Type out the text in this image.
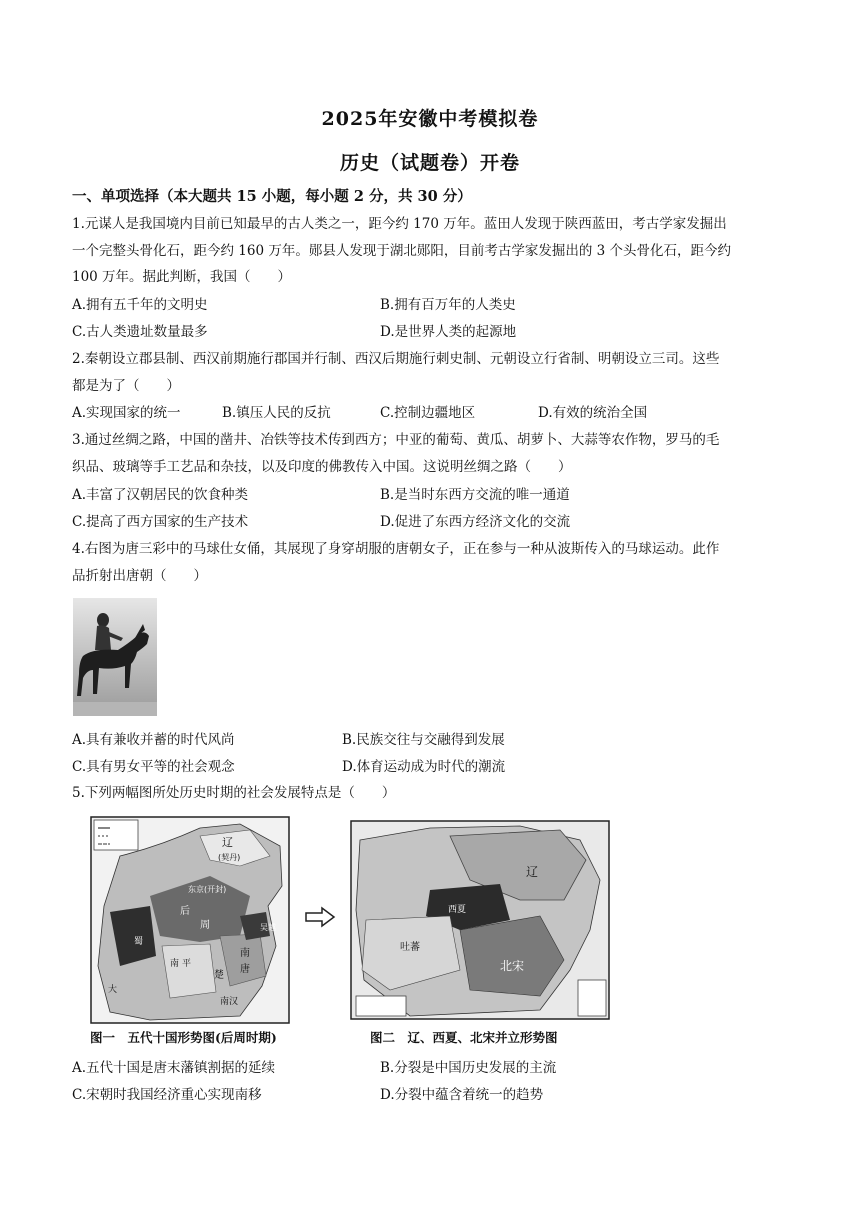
2025年安徽中考模拟卷
历史（试题卷）开卷
一、单项选择（本大题共 15 小题，每小题 2 分，共 30 分）
1.元谋人是我国境内目前已知最早的古人类之一，距今约 170 万年。蓝田人发现于陕西蓝田，考古学家发掘出
一个完整头骨化石，距今约 160 万年。郧县人发现于湖北郧阳，目前考古学家发掘出的 3 个头骨化石，距今约
100 万年。据此判断，我国（　　）
A.拥有五千年的文明史	B.拥有百万年的人类史
C.古人类遗址数量最多	D.是世界人类的起源地
2.秦朝设立郡县制、西汉前期施行郡国并行制、西汉后期施行刺史制、元朝设立行省制、明朝设立三司。这些
都是为了（　　）
A.实现国家的统一	B.镇压人民的反抗	C.控制边疆地区	D.有效的统治全国
3.通过丝绸之路，中国的凿井、冶铁等技术传到西方；中亚的葡萄、黄瓜、胡萝卜、大蒜等农作物，罗马的毛
织品、玻璃等手工艺品和杂技，以及印度的佛教传入中国。这说明丝绸之路（　　）
A.丰富了汉朝居民的饮食种类	B.是当时东西方交流的唯一通道
C.提高了西方国家的生产技术	D.促进了东西方经济文化的交流
4.右图为唐三彩中的马球仕女俑，其展现了身穿胡服的唐朝女子，正在参与一种从波斯传入的马球运动。此作
品折射出唐朝（　　）
A.具有兼收并蓄的时代风尚	B.民族交往与交融得到发展
C.具有男女平等的社会观念	D.体育运动成为时代的潮流
5.下列两幅图所处历史时期的社会发展特点是（　　）
辽
(契丹)
东京(开封)
后
周
南
唐
楚
吴越
南汉
大
南 平
蜀
辽
西夏
北宋
吐蕃
图一　五代十国形势图(后周时期)	图二　辽、西夏、北宋并立形势图
A.五代十国是唐末藩镇割据的延续	B.分裂是中国历史发展的主流
C.宋朝时我国经济重心实现南移	D.分裂中蕴含着统一的趋势
